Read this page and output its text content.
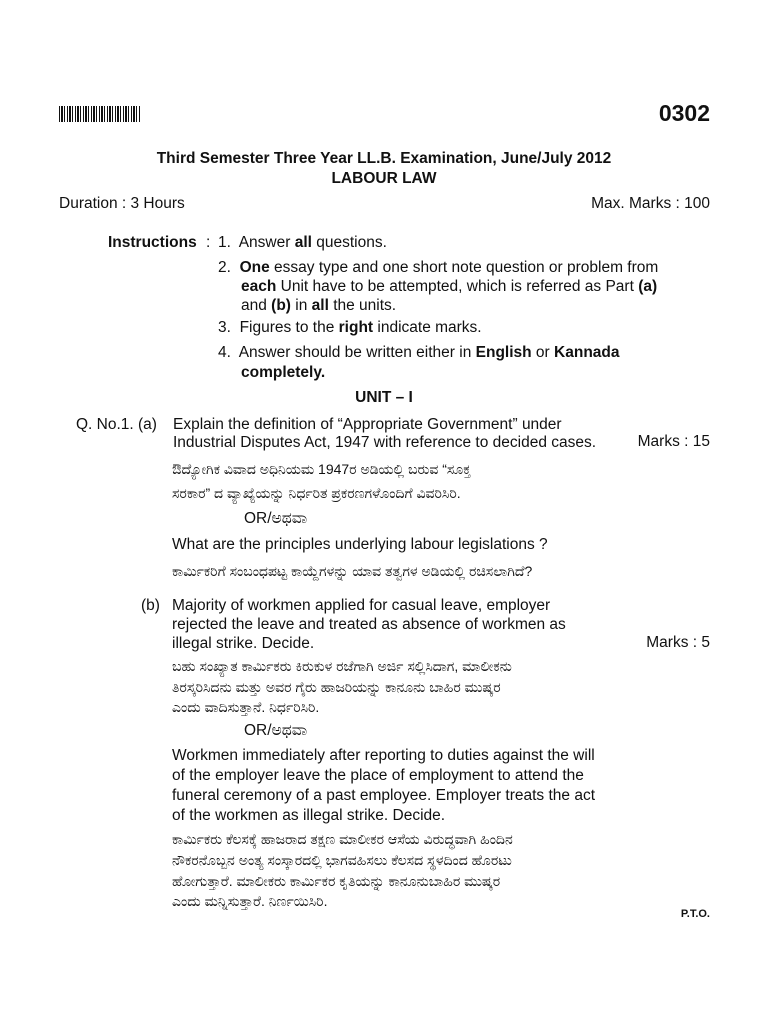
0302
Third Semester Three Year LL.B. Examination, June/July 2012
LABOUR LAW
Duration : 3 Hours	Max. Marks : 100
Instructions : 1. Answer all questions.
2. One essay type and one short note question or problem from
each Unit have to be attempted, which is referred as Part (a)
and (b) in all the units.
3. Figures to the right indicate marks.
4. Answer should be written either in English or Kannada
completely.
UNIT – I
Q. No.1. (a) Explain the definition of “Appropriate Government” under
Industrial Disputes Act, 1947 with reference to decided cases.	Marks : 15
ಔದ್ಯೋಗಿಕ ವಿವಾದ ಅಧಿನಿಯಮ 1947ರ ಅಡಿಯಲ್ಲಿ ಬರುವ “ಸೂಕ್ತ
ಸರಕಾರ” ದ ವ್ಯಾಖ್ಯೆಯನ್ನು ನಿರ್ಧರಿತ ಪ್ರಕರಣಗಳೊಂದಿಗೆ ವಿವರಿಸಿರಿ.
OR/ಅಥವಾ
What are the principles underlying labour legislations ?
ಕಾರ್ಮಿಕರಿಗೆ ಸಂಬಂಧಪಟ್ಟ ಕಾಯ್ದೆಗಳನ್ನು ಯಾವ ತತ್ವಗಳ ಅಡಿಯಲ್ಲಿ ರಚಿಸಲಾಗಿದೆ?
(b) Majority of workmen applied for casual leave, employer
rejected the leave and treated as absence of workmen as
illegal strike. Decide.	Marks : 5
ಬಹು ಸಂಖ್ಯಾತ ಕಾರ್ಮಿಕರು ಕಿರುಕುಳ ರಜೆಗಾಗಿ ಅರ್ಜಿ ಸಲ್ಲಿಸಿದಾಗ, ಮಾಲೀಕನು
ತಿರಸ್ಕರಿಸಿದನು ಮತ್ತು ಅವರ ಗೈರು ಹಾಜರಿಯನ್ನು ಕಾನೂನು ಬಾಹಿರ ಮುಷ್ಕರ
ಎಂದು ವಾದಿಸುತ್ತಾನೆ. ನಿರ್ಧರಿಸಿರಿ.
OR/ಅಥವಾ
Workmen immediately after reporting to duties against the will
of the employer leave the place of employment to attend the
funeral ceremony of a past employee. Employer treats the act
of the workmen as illegal strike. Decide.
ಕಾರ್ಮಿಕರು ಕೆಲಸಕ್ಕೆ ಹಾಜರಾದ ತಕ್ಷಣ ಮಾಲೀಕರ ಆಸೆಯ ವಿರುದ್ಧವಾಗಿ ಹಿಂದಿನ
ನೌಕರನೊಬ್ಬನ ಅಂತ್ಯ ಸಂಸ್ಕಾರದಲ್ಲಿ ಭಾಗವಹಿಸಲು ಕೆಲಸದ ಸ್ಥಳದಿಂದ ಹೊರಟು
ಹೋಗುತ್ತಾರೆ. ಮಾಲೀಕರು ಕಾರ್ಮಿಕರ ಕೃತಿಯನ್ನು ಕಾನೂನುಬಾಹಿರ ಮುಷ್ಕರ
ಎಂದು ಮನ್ನಿಸುತ್ತಾರೆ. ನಿರ್ಣಯಿಸಿರಿ.
P.T.O.
